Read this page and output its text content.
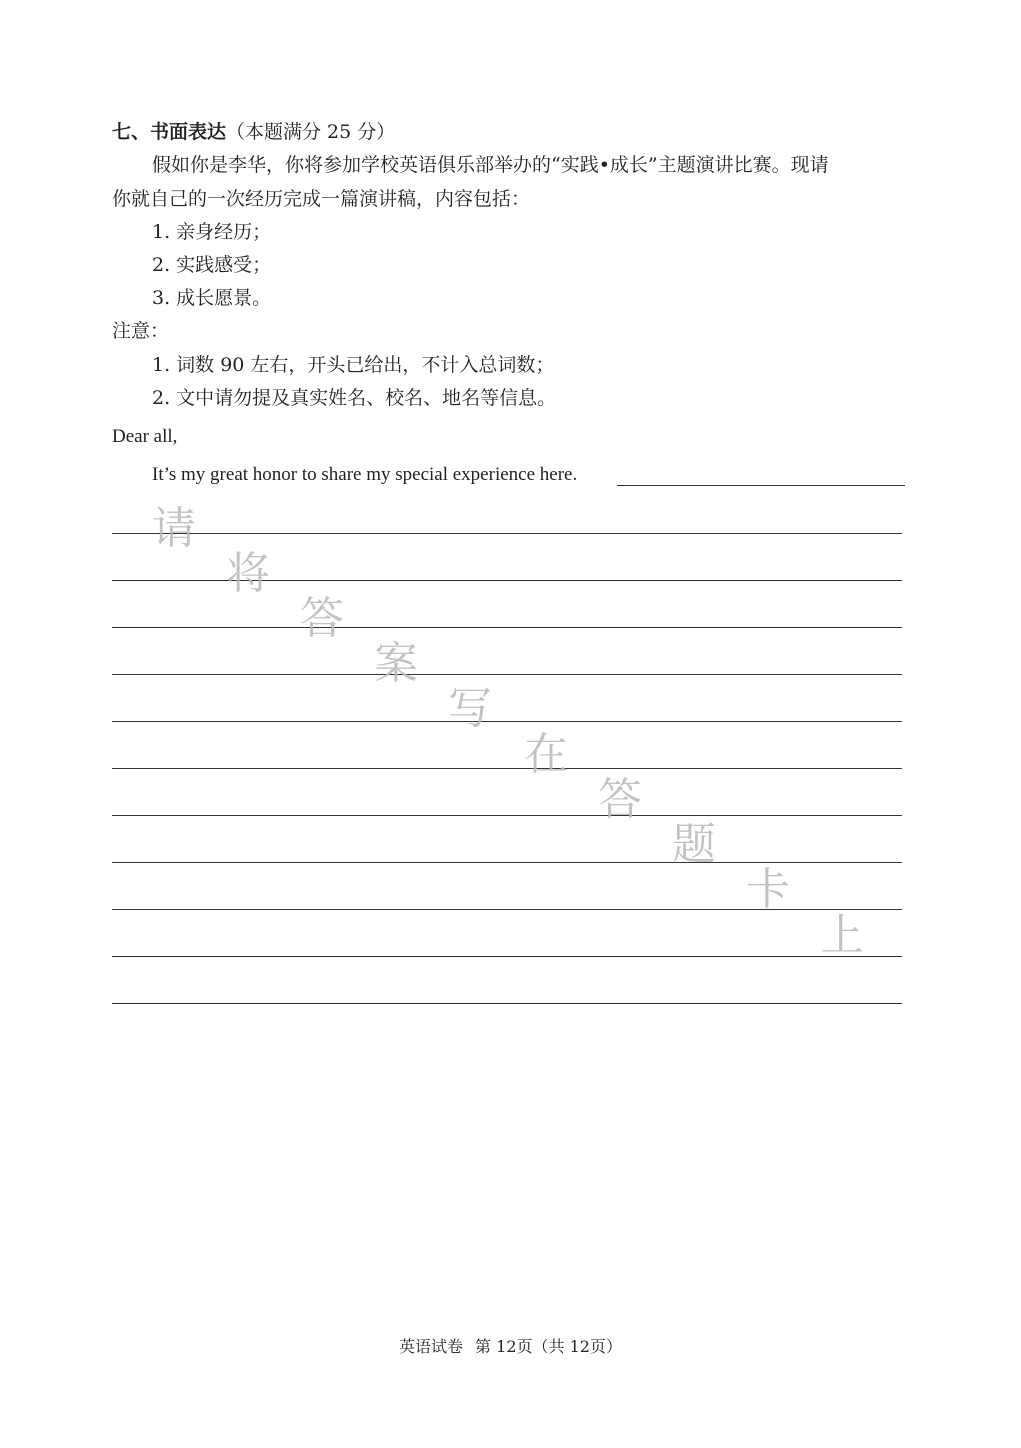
七、书面表达（本题满分 25 分）
假如你是李华，你将参加学校英语俱乐部举办的“实践•成长”主题演讲比赛。现请
你就自己的一次经历完成一篇演讲稿，内容包括：
1. 亲身经历；
2. 实践感受；
3. 成长愿景。
注意：
1. 词数 90 左右，开头已给出，不计入总词数；
2. 文中请勿提及真实姓名、校名、地名等信息。
Dear all,
It’s my great honor to share my special experience here.
请
将
答
案
写
在
答
题
卡
上
英语试卷 第 12页（共 12页）
